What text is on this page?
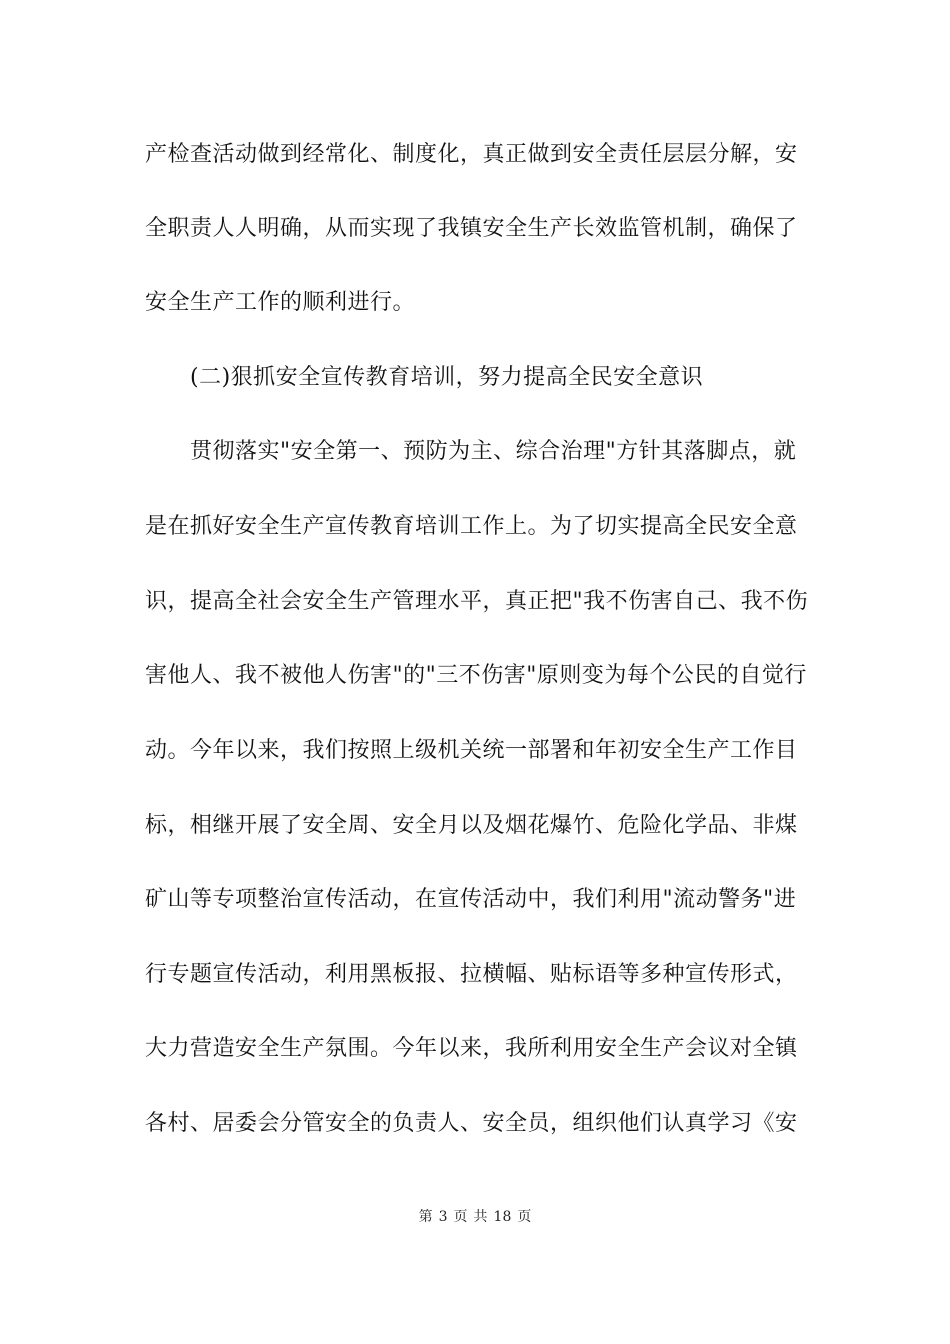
产检查活动做到经常化、制度化，真正做到安全责任层层分解，安
全职责人人明确，从而实现了我镇安全生产长效监管机制，确保了
安全生产工作的顺利进行。
(二)狠抓安全宣传教育培训，努力提高全民安全意识
贯彻落实"安全第一、预防为主、综合治理"方针其落脚点，就
是在抓好安全生产宣传教育培训工作上。为了切实提高全民安全意
识，提高全社会安全生产管理水平，真正把"我不伤害自己、我不伤
害他人、我不被他人伤害"的"三不伤害"原则变为每个公民的自觉行
动。今年以来，我们按照上级机关统一部署和年初安全生产工作目
标，相继开展了安全周、安全月以及烟花爆竹、危险化学品、非煤
矿山等专项整治宣传活动，在宣传活动中，我们利用"流动警务"进
行专题宣传活动，利用黑板报、拉横幅、贴标语等多种宣传形式，
大力营造安全生产氛围。今年以来，我所利用安全生产会议对全镇
各村、居委会分管安全的负责人、安全员，组织他们认真学习《安
第 3 页 共 18 页
